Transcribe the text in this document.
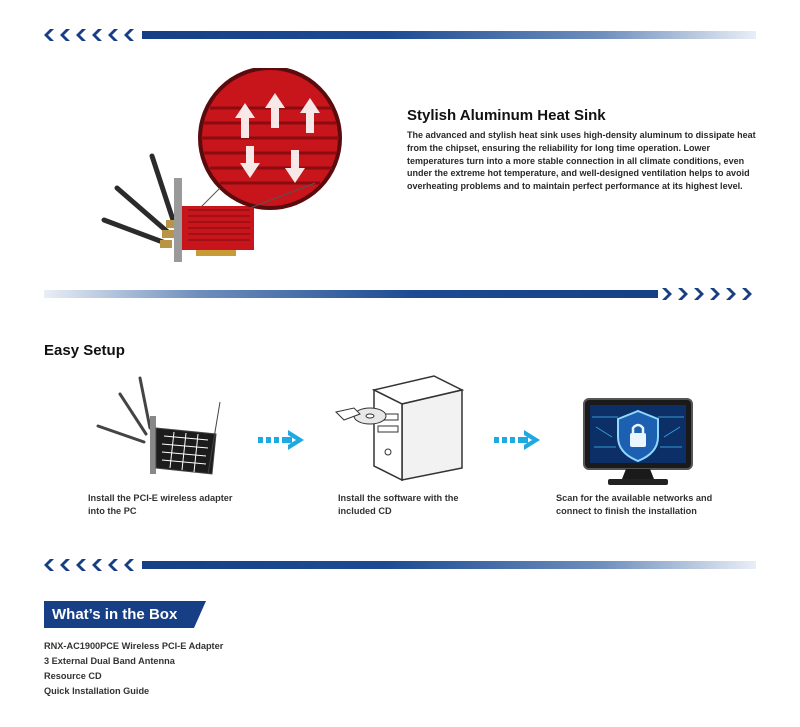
Stylish Aluminum Heat Sink
The advanced and stylish heat sink uses high-density aluminum to dissipate heat from the chipset, ensuring the reliability for long time operation. Lower temperatures turn into a more stable connection in all climate conditions, even under the extreme hot temperature, and well-designed ventilation helps to avoid overheating problems and to maintain perfect performance at its highest level.
Easy Setup
Install the PCI-E wireless adapter into the PC
Install the software with the included CD
Scan for the available networks and connect to finish the installation
What’s in the Box
RNX-AC1900PCE Wireless PCI-E Adapter
3 External Dual Band Antenna
Resource CD
Quick Installation Guide
